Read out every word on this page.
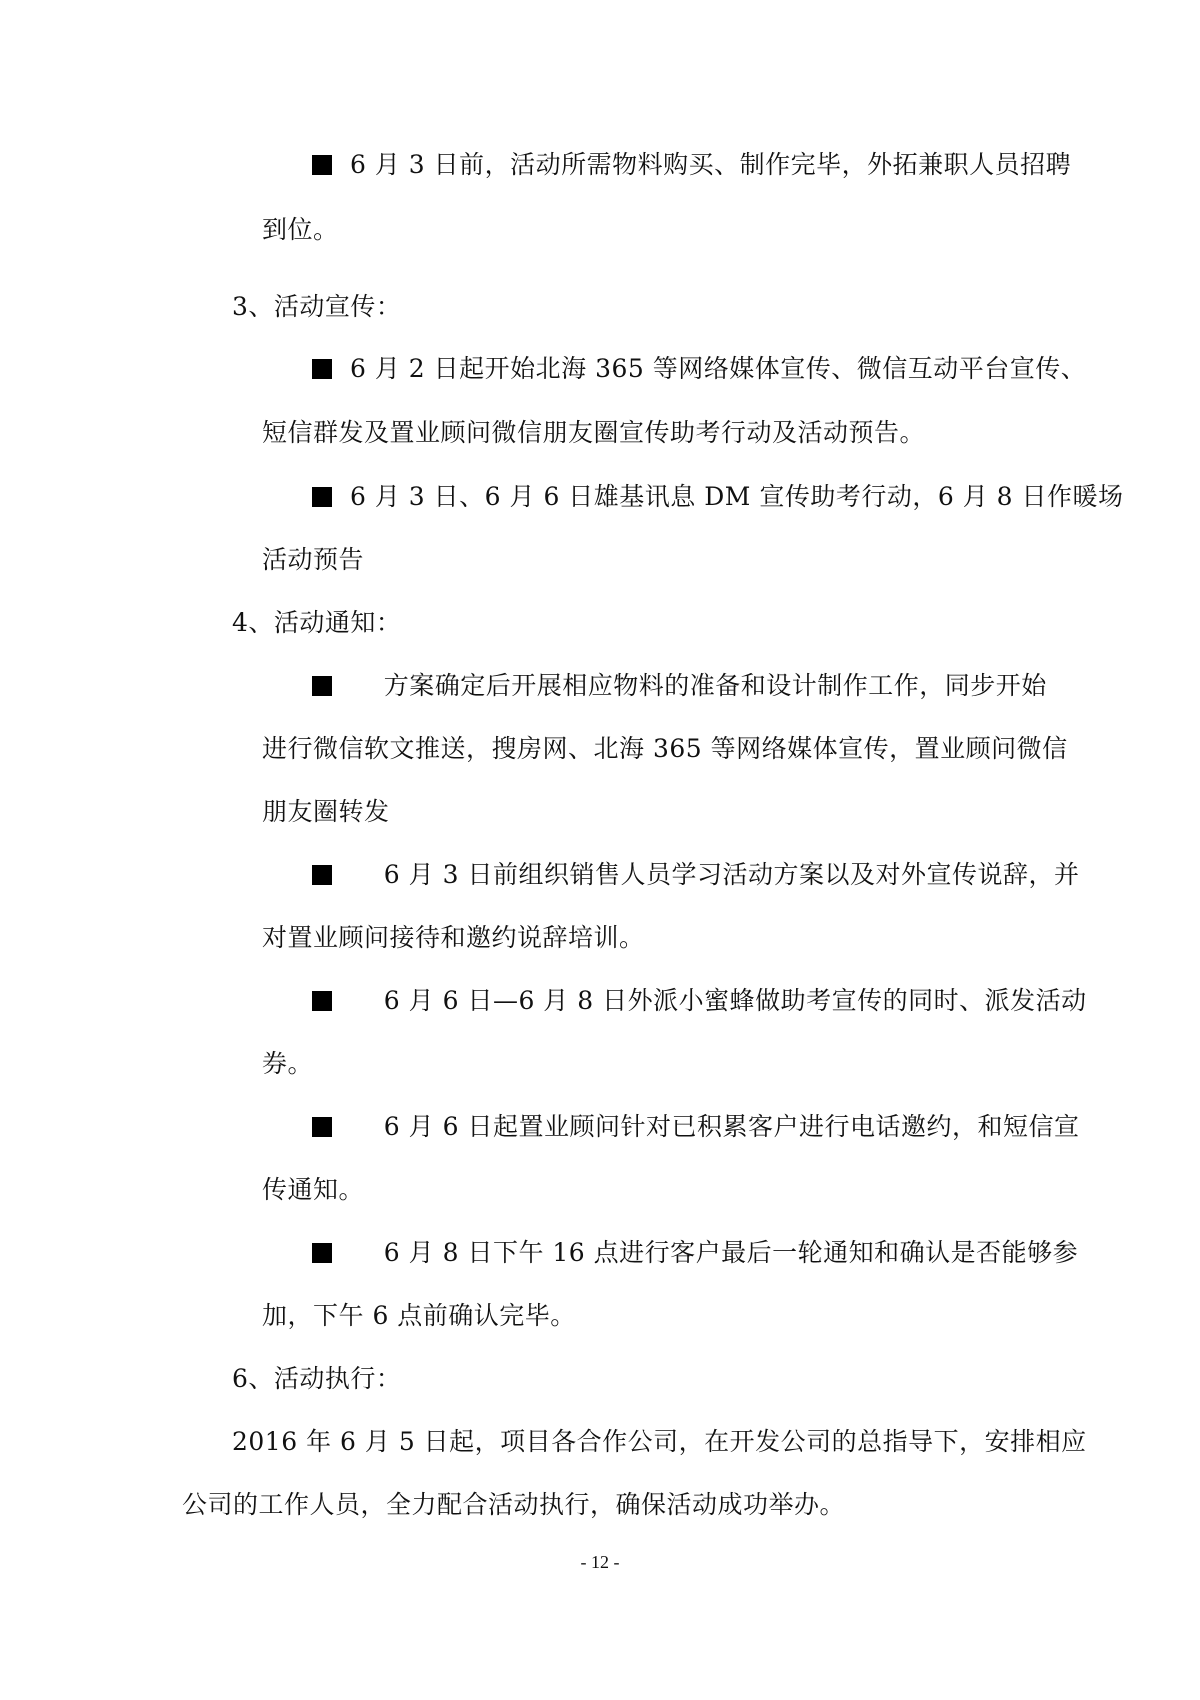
6 月 3 日前，活动所需物料购买、制作完毕，外拓兼职人员招聘
到位。
3、活动宣传：
6 月 2 日起开始北海 365 等网络媒体宣传、微信互动平台宣传、
短信群发及置业顾问微信朋友圈宣传助考行动及活动预告。
6 月 3 日、6 月 6 日雄基讯息 DM 宣传助考行动，6 月 8 日作暖场
活动预告
4、活动通知：
方案确定后开展相应物料的准备和设计制作工作，同步开始
进行微信软文推送，搜房网、北海 365 等网络媒体宣传，置业顾问微信
朋友圈转发
6 月 3 日前组织销售人员学习活动方案以及对外宣传说辞，并
对置业顾问接待和邀约说辞培训。
6 月 6 日—6 月 8 日外派小蜜蜂做助考宣传的同时、派发活动
券。
6 月 6 日起置业顾问针对已积累客户进行电话邀约，和短信宣
传通知。
6 月 8 日下午 16 点进行客户最后一轮通知和确认是否能够参
加，下午 6 点前确认完毕。
6、活动执行：
2016 年 6 月 5 日起，项目各合作公司，在开发公司的总指导下，安排相应
公司的工作人员，全力配合活动执行，确保活动成功举办。
- 12 -
